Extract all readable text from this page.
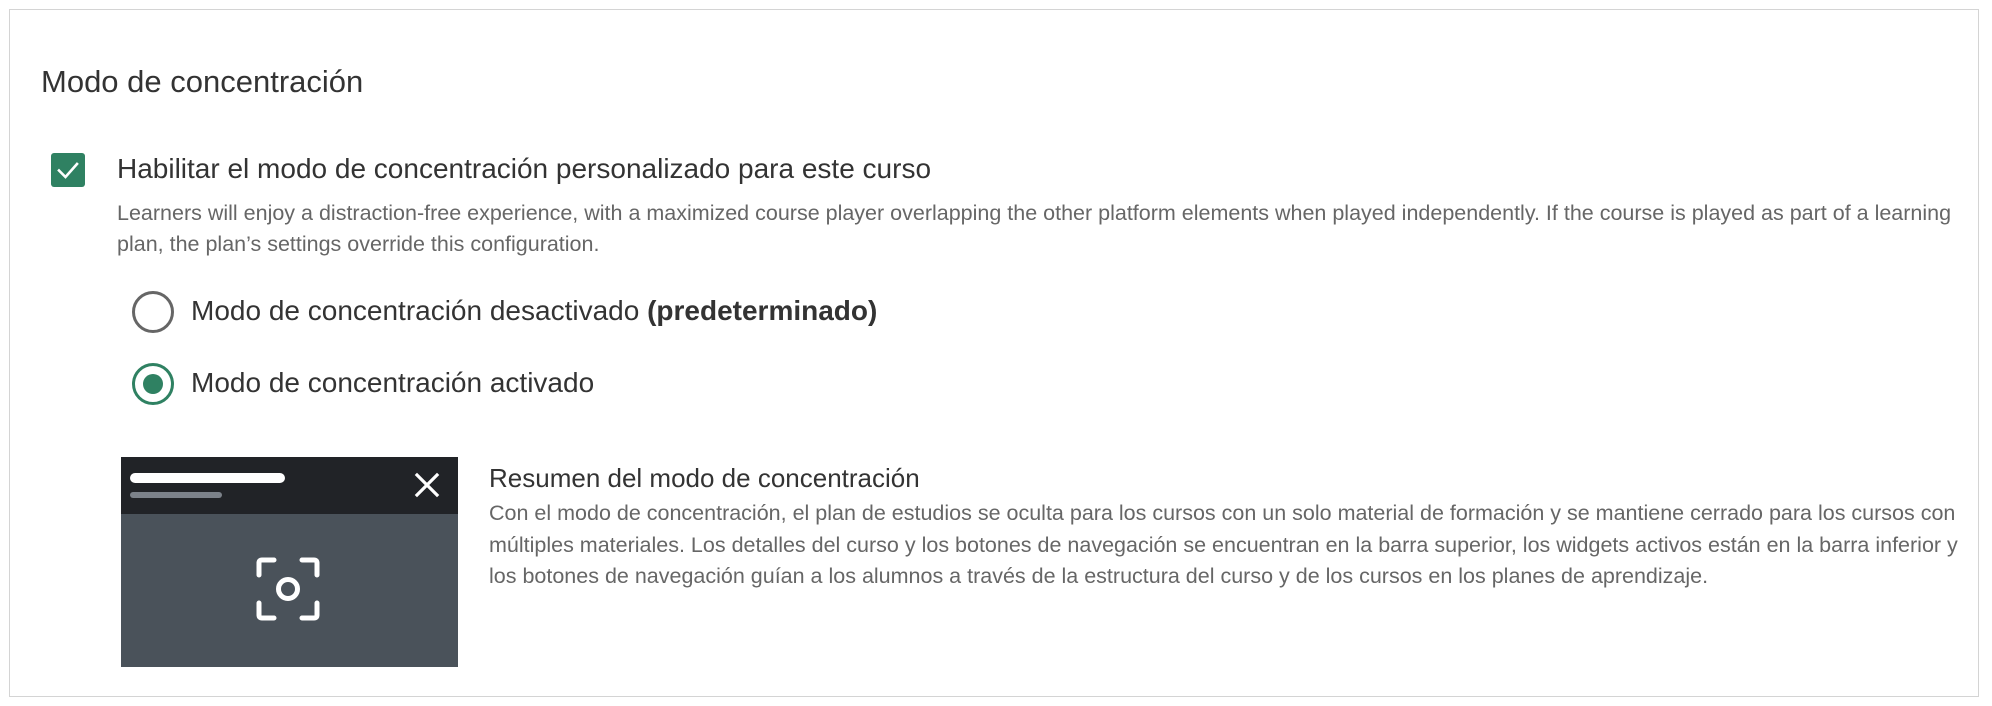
Modo de concentración
Habilitar el modo de concentración personalizado para este curso
Learners will enjoy a distraction-free experience, with a maximized course player overlapping the other platform elements when played independently. If the course is played as part of a learning plan, the plan’s settings override this configuration.
Modo de concentración desactivado (predeterminado)
Modo de concentración activado
Resumen del modo de concentración
Con el modo de concentración, el plan de estudios se oculta para los cursos con un solo material de formación y se mantiene cerrado para los cursos con múltiples materiales. Los detalles del curso y los botones de navegación se encuentran en la barra superior, los widgets activos están en la barra inferior y los botones de navegación guían a los alumnos a través de la estructura del curso y de los cursos en los planes de aprendizaje.
